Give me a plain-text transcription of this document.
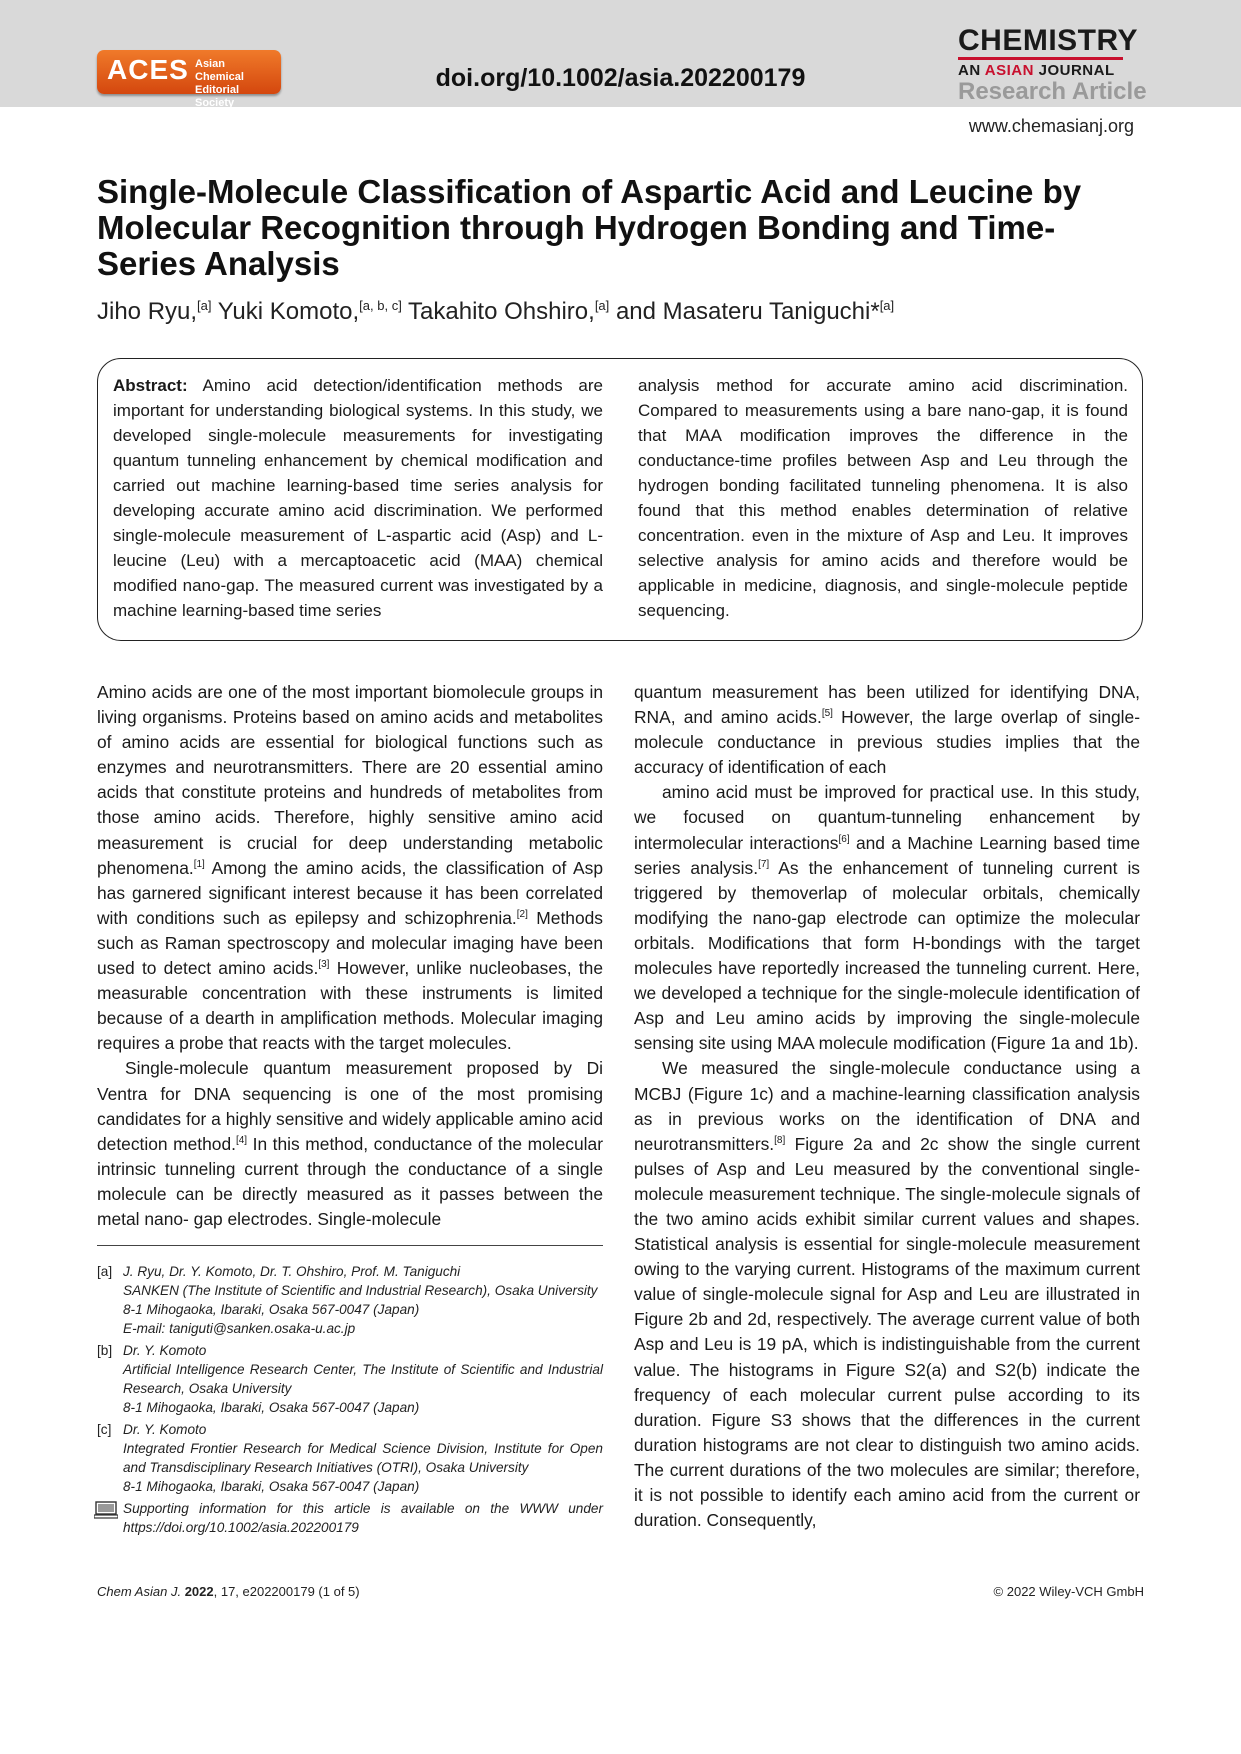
ACES Asian Chemical Editorial Society
doi.org/10.1002/asia.202200179
CHEMISTRY
AN ASIAN JOURNAL
Research Article
www.chemasianj.org
Single-Molecule Classification of Aspartic Acid and Leucine by Molecular Recognition through Hydrogen Bonding and Time-Series Analysis
Jiho Ryu,[a] Yuki Komoto,[a, b, c] Takahito Ohshiro,[a] and Masateru Taniguchi*[a]
Abstract: Amino acid detection/identification methods are important for understanding biological systems. In this study, we developed single-molecule measurements for investigating quantum tunneling enhancement by chemical modification and carried out machine learning-based time series analysis for developing accurate amino acid discrimination. We performed single-molecule measurement of L-aspartic acid (Asp) and L-leucine (Leu) with a mercaptoacetic acid (MAA) chemical modified nano-gap. The measured current was investigated by a machine learning-based time series
analysis method for accurate amino acid discrimination. Compared to measurements using a bare nano-gap, it is found that MAA modification improves the difference in the conductance-time profiles between Asp and Leu through the hydrogen bonding facilitated tunneling phenomena. It is also found that this method enables determination of relative concentration. even in the mixture of Asp and Leu. It improves selective analysis for amino acids and therefore would be applicable in medicine, diagnosis, and single-molecule peptide sequencing.

Amino acids are one of the most important biomolecule groups in living organisms. Proteins based on amino acids and metabolites of amino acids are essential for biological functions such as enzymes and neurotransmitters. There are 20 essential amino acids that constitute proteins and hundreds of metabolites from those amino acids. Therefore, highly sensitive amino acid measurement is crucial for deep understanding metabolic phenomena.[1] Among the amino acids, the classification of Asp has garnered significant interest because it has been correlated with conditions such as epilepsy and schizophrenia.[2] Methods such as Raman spectroscopy and molecular imaging have been used to detect amino acids.[3] However, unlike nucleobases, the measurable concentration with these instruments is limited because of a dearth in amplification methods. Molecular imaging requires a probe that reacts with the target molecules.

Single-molecule quantum measurement proposed by Di Ventra for DNA sequencing is one of the most promising candidates for a highly sensitive and widely applicable amino acid detection method.[4] In this method, conductance of the molecular intrinsic tunneling current through the conductance of a single molecule can be directly measured as it passes between the metal nano- gap electrodes. Single-molecule

quantum measurement has been utilized for identifying DNA, RNA, and amino acids.[5] However, the large overlap of single-molecule conductance in previous studies implies that the accuracy of identification of each

amino acid must be improved for practical use. In this study, we focused on quantum-tunneling enhancement by intermolecular interactions[6] and a Machine Learning based time series analysis.[7] As the enhancement of tunneling current is triggered by themoverlap of molecular orbitals, chemically modifying the nano-gap electrode can optimize the molecular orbitals. Modifications that form H-bondings with the target molecules have reportedly increased the tunneling current. Here, we developed a technique for the single-molecule identification of Asp and Leu amino acids by improving the single-molecule sensing site using MAA molecule modification (Figure 1a and 1b).

We measured the single-molecule conductance using a MCBJ (Figure 1c) and a machine-learning classification analysis as in previous works on the identification of DNA and neurotransmitters.[8] Figure 2a and 2c show the single current pulses of Asp and Leu measured by the conventional single-molecule measurement technique. The single-molecule signals of the two amino acids exhibit similar current values and shapes. Statistical analysis is essential for single-molecule measurement owing to the varying current. Histograms of the maximum current value of single-molecule signal for Asp and Leu are illustrated in Figure 2b and 2d, respectively. The average current value of both Asp and Leu is 19 pA, which is indistinguishable from the current value. The histograms in Figure S2(a) and S2(b) indicate the frequency of each molecular current pulse according to its duration. Figure S3 shows that the differences in the current duration histograms are not clear to distinguish two amino acids. The current durations of the two molecules are similar; therefore, it is not possible to identify each amino acid from the current or duration. Consequently,

[a] J. Ryu, Dr. Y. Komoto, Dr. T. Ohshiro, Prof. M. Taniguchi
SANKEN (The Institute of Scientific and Industrial Research), Osaka University
8-1 Mihogaoka, Ibaraki, Osaka 567-0047 (Japan)
E-mail: taniguti@sanken.osaka-u.ac.jp
[b] Dr. Y. Komoto
Artificial Intelligence Research Center, The Institute of Scientific and Industrial Research, Osaka University
8-1 Mihogaoka, Ibaraki, Osaka 567-0047 (Japan)
[c] Dr. Y. Komoto
Integrated Frontier Research for Medical Science Division, Institute for Open and Transdisciplinary Research Initiatives (OTRI), Osaka University
8-1 Mihogaoka, Ibaraki, Osaka 567-0047 (Japan)
Supporting information for this article is available on the WWW under https://doi.org/10.1002/asia.202200179
Chem Asian J. 2022, 17, e202200179 (1 of 5)	© 2022 Wiley-VCH GmbH
